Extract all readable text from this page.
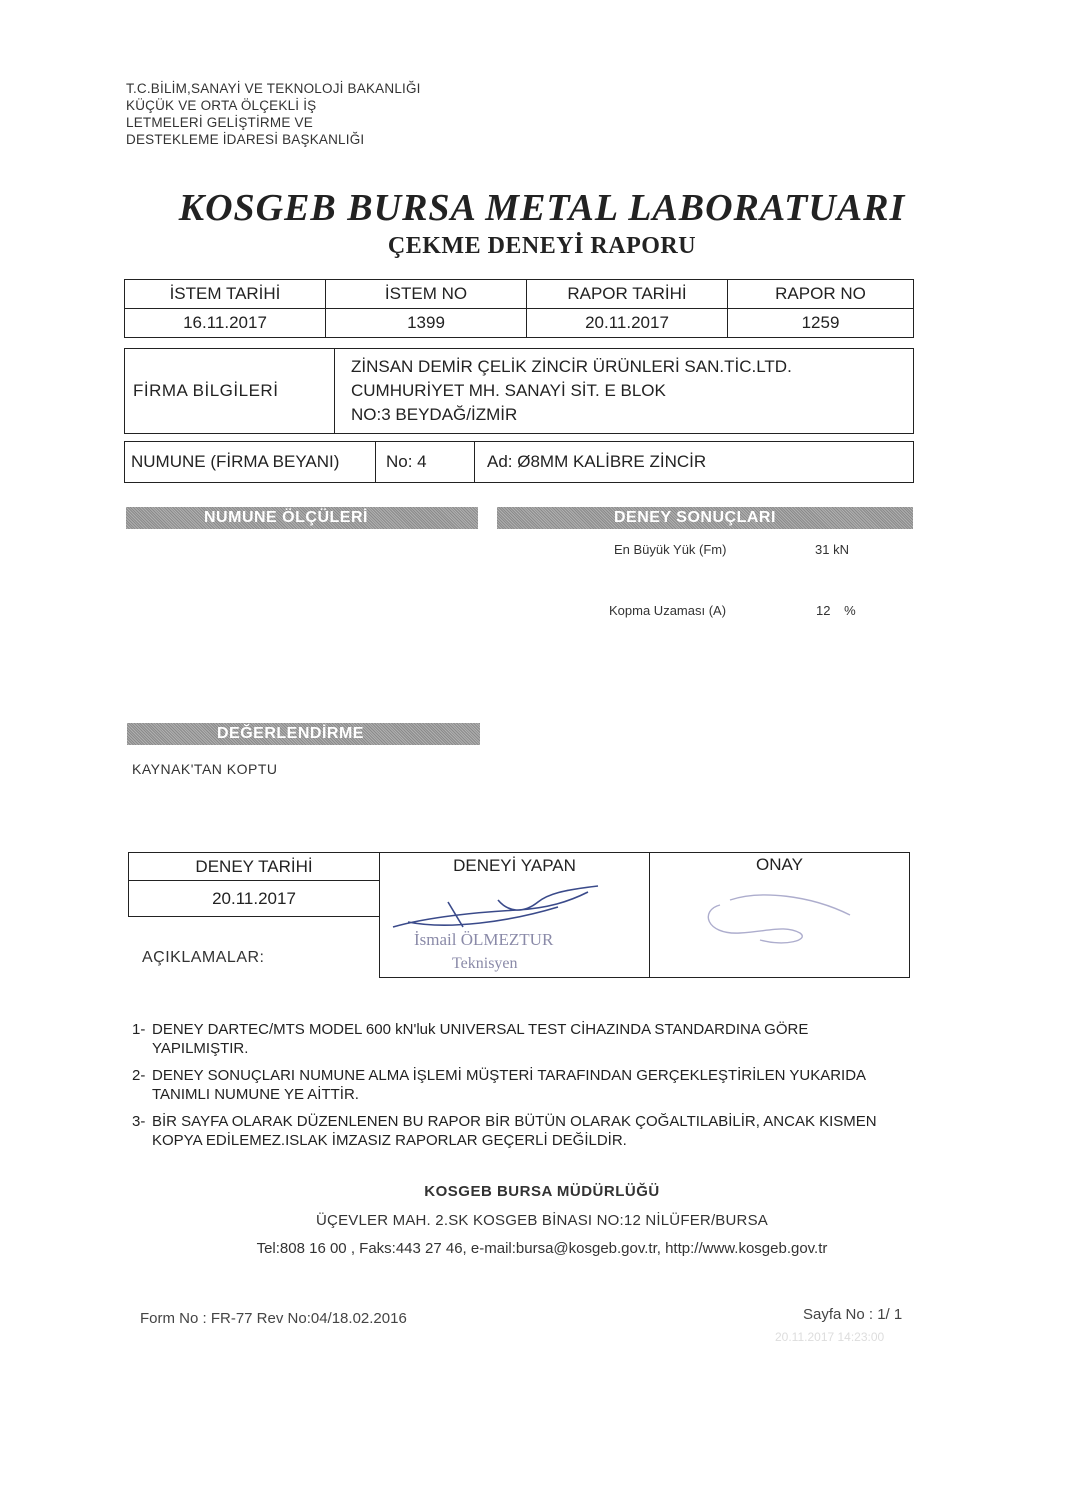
T.C.BİLİM,SANAYİ VE TEKNOLOJİ BAKANLIĞI
KÜÇÜK VE ORTA ÖLÇEKLİ İŞ
LETMELERİ GELİŞTİRME VE
DESTEKLEME İDARESİ BAŞKANLIĞI
KOSGEB BURSA METAL LABORATUARI
ÇEKME DENEYİ RAPORU
İSTEM TARİHİ	İSTEM NO	RAPOR TARİHİ	RAPOR NO
16.11.2017	1399	20.11.2017	1259
FİRMA BİLGİLERİ	
ZİNSAN DEMİR ÇELİK ZİNCİR ÜRÜNLERİ SAN.TİC.LTD.
CUMHURİYET MH. SANAYİ SİT. E BLOK
NO:3 BEYDAĞ/İZMİR
NUMUNE (FİRMA BEYANI)	No: 4	Ad: Ø8MM KALİBRE ZİNCİR
NUMUNE ÖLÇÜLERİ	DENEY SONUÇLARI
En Büyük Yük (Fm)	31 kN
Kopma Uzaması (A)	12 %
DEĞERLENDİRME
KAYNAK'TAN KOPTU
DENEY TARİHİ	DENEYİ YAPAN	ONAY

20.11.2017

AÇIKLAMALAR:
İsmail ÖLMEZTUR
Teknisyen
1- DENEY DARTEC/MTS MODEL 600 kN'luk UNIVERSAL TEST CİHAZINDA STANDARDINA GÖRE YAPILMIŞTIR.
2- DENEY SONUÇLARI NUMUNE ALMA İŞLEMİ MÜŞTERİ TARAFINDAN GERÇEKLEŞTİRİLEN YUKARIDA TANIMLI NUMUNE YE AİTTİR.
3- BİR SAYFA OLARAK DÜZENLENEN BU RAPOR BİR BÜTÜN OLARAK ÇOĞALTILABİLİR, ANCAK KISMEN KOPYA EDİLEMEZ.ISLAK İMZASIZ RAPORLAR GEÇERLİ DEĞİLDİR.
KOSGEB BURSA MÜDÜRLÜĞÜ
ÜÇEVLER MAH. 2.SK KOSGEB BİNASI NO:12 NİLÜFER/BURSA
Tel:808 16 00 , Faks:443 27 46, e-mail:bursa@kosgeb.gov.tr, http://www.kosgeb.gov.tr
Form No : FR-77 Rev No:04/18.02.2016	Sayfa No : 1/ 1
20.11.2017 14:23:00
